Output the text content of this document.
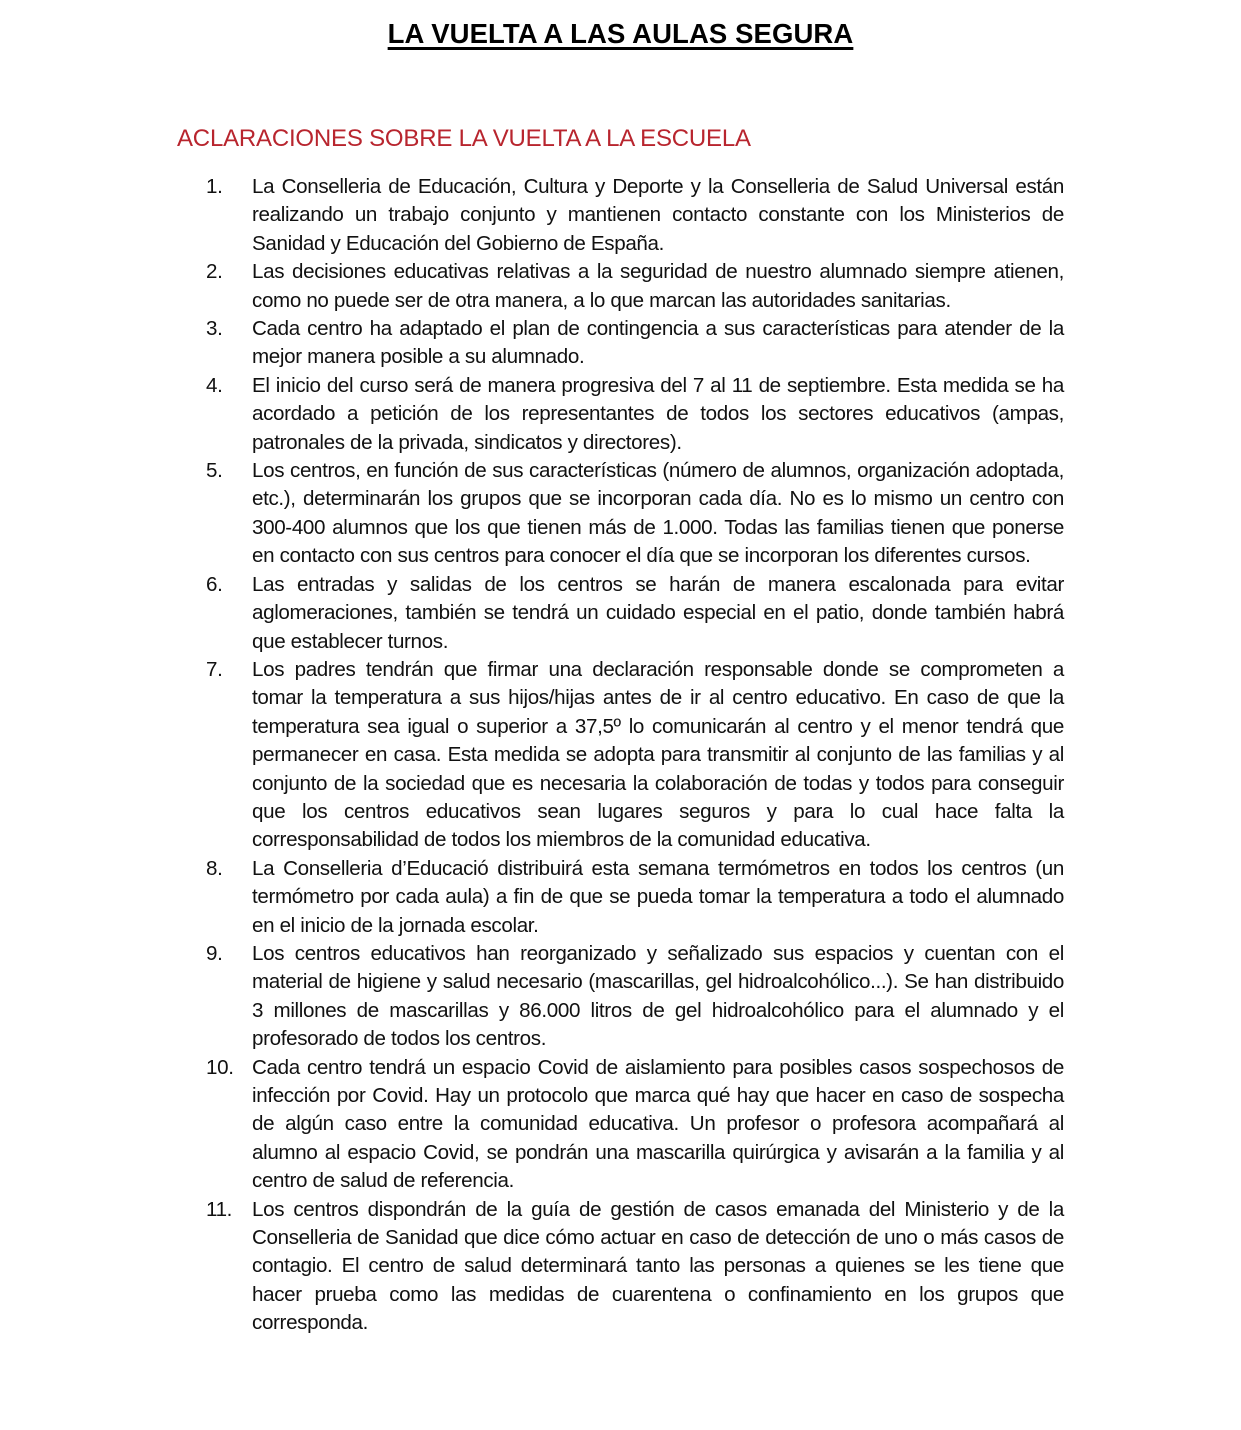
LA VUELTA A LAS AULAS SEGURA
ACLARACIONES SOBRE LA VUELTA A LA ESCUELA
1.	La Conselleria de Educación, Cultura y Deporte y la Conselleria de Salud Universal están realizando un trabajo conjunto y mantienen contacto constante con los Ministerios de Sanidad y Educación del Gobierno de España.
2.	Las decisiones educativas relativas a la seguridad de nuestro alumnado siempre atienen, como no puede ser de otra manera, a lo que marcan las autoridades sanitarias.
3.	Cada centro ha adaptado el plan de contingencia a sus características para atender de la mejor manera posible a su alumnado.
4.	El inicio del curso será de manera progresiva del 7 al 11 de septiembre. Esta medida se ha acordado a petición de los representantes de todos los sectores educativos (ampas, patronales de la privada, sindicatos y directores).
5.	Los centros, en función de sus características (número de alumnos, organización adoptada, etc.), determinarán los grupos que se incorporan cada día. No es lo mismo un centro con 300-400 alumnos que los que tienen más de 1.000. Todas las familias tienen que ponerse en contacto con sus centros para conocer el día que se incorporan los diferentes cursos.
6.	Las entradas y salidas de los centros se harán de manera escalonada para evitar aglomeraciones, también se tendrá un cuidado especial en el patio, donde también habrá que establecer turnos.
7.	Los padres tendrán que firmar una declaración responsable donde se comprometen a tomar la temperatura a sus hijos/hijas antes de ir al centro educativo. En caso de que la temperatura sea igual o superior a 37,5º lo comunicarán al centro y el menor tendrá que permanecer en casa. Esta medida se adopta para transmitir al conjunto de las familias y al conjunto de la sociedad que es necesaria la colaboración de todas y todos para conseguir que los centros educativos sean lugares seguros y para lo cual hace falta la corresponsabilidad de todos los miembros de la comunidad educativa.
8.	La Conselleria d’Educació distribuirá esta semana termómetros en todos los centros (un termómetro por cada aula) a fin de que se pueda tomar la temperatura a todo el alumnado en el inicio de la jornada escolar.
9.	Los centros educativos han reorganizado y señalizado sus espacios y cuentan con el material de higiene y salud necesario (mascarillas, gel hidroalcohólico...). Se han distribuido 3 millones de mascarillas y 86.000 litros de gel hidroalcohólico para el alumnado y el profesorado de todos los centros.
10. Cada centro tendrá un espacio Covid de aislamiento para posibles casos sospechosos de infección por Covid. Hay un protocolo que marca qué hay que hacer en caso de sospecha de algún caso entre la comunidad educativa. Un profesor o profesora acompañará al alumno al espacio Covid, se pondrán una mascarilla quirúrgica y avisarán a la familia y al centro de salud de referencia.
11. Los centros dispondrán de la guía de gestión de casos emanada del Ministerio y de la Conselleria de Sanidad que dice cómo actuar en caso de detección de uno o más casos de contagio. El centro de salud determinará tanto las personas a quienes se les tiene que hacer prueba como las medidas de cuarentena o confinamiento en los grupos que corresponda.
